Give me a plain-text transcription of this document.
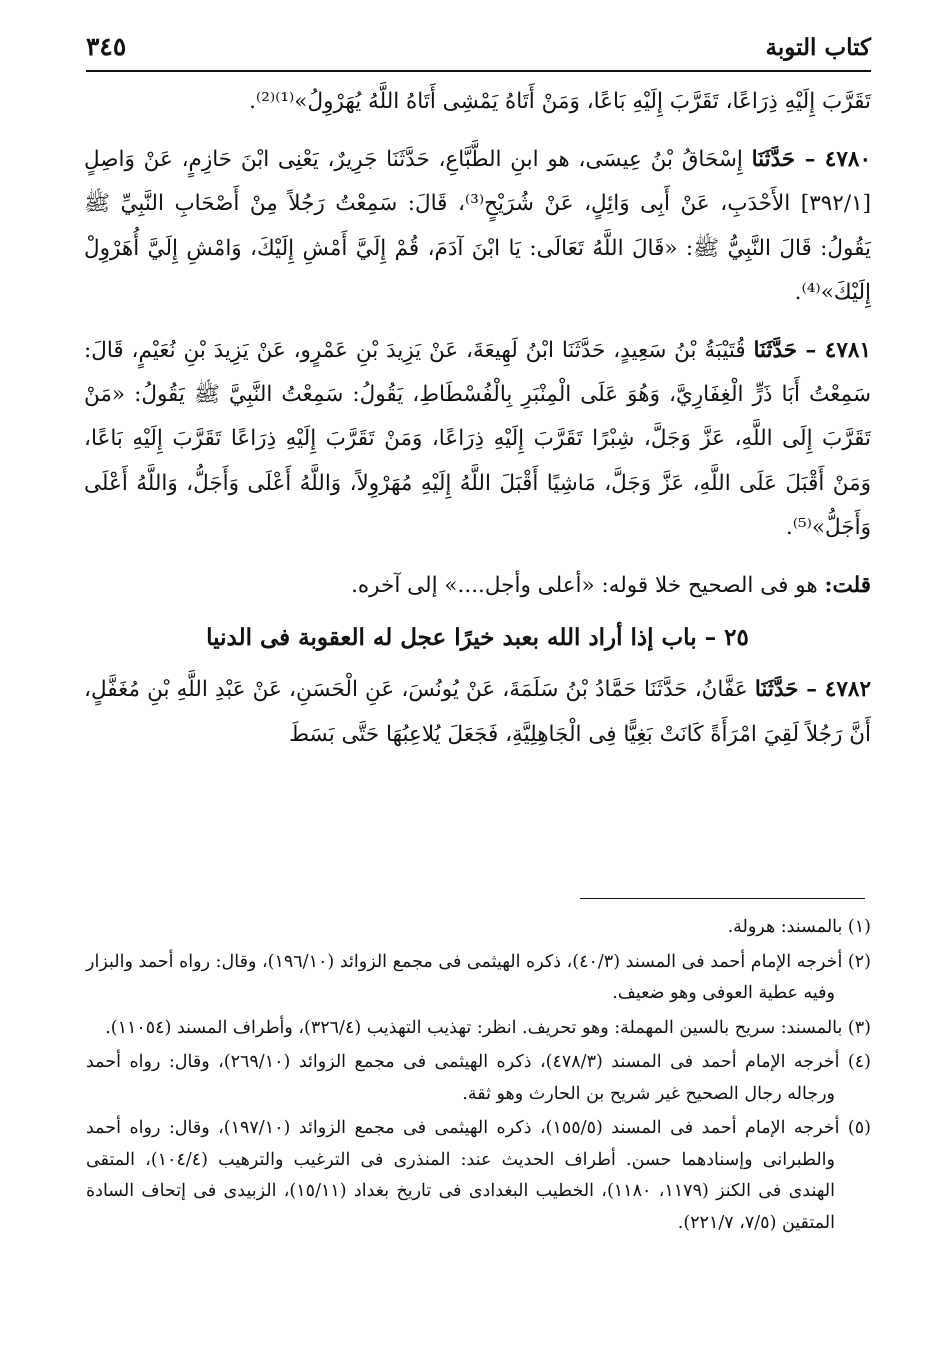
كتاب التوبة
٣٤٥

تَقَرَّبَ إِلَيْهِ ذِرَاعًا، تَقَرَّبَ إِلَيْهِ بَاعًا، وَمَنْ أَتَاهُ يَمْشِى أَتَاهُ اللَّهُ يُهَرْوِلُ»⁽¹⁾⁽²⁾.

٤٧٨٠ – حَدَّثَنَا إِسْحَاقُ بْنُ عِيسَى، هو ابنِ الطَّبَّاعِ، حَدَّثَنَا جَرِيرٌ، يَعْنِى ابْنَ حَازِمٍ، عَنْ وَاصِلٍ [٣٩٢/١] الأَحْدَبِ، عَنْ أَبِى وَائِلٍ، عَنْ شُرَيْحٍ⁽³⁾، قَالَ: سَمِعْتُ رَجُلاً مِنْ أَصْحَابِ النَّبِيِّ ﷺ يَقُولُ: قَالَ النَّبِيُّ ﷺ: «قَالَ اللَّهُ تَعَالَى: يَا ابْنَ آدَمَ، قُمْ إِلَيَّ أَمْشِ إِلَيْكَ، وَامْشِ إِلَيَّ أُهَرْوِلْ إِلَيْكَ»⁽⁴⁾.

٤٧٨١ – حَدَّثَنَا قُتَيْبَةُ بْنُ سَعِيدٍ، حَدَّثَنَا ابْنُ لَهِيعَةَ، عَنْ يَزِيدَ بْنِ عَمْرٍو، عَنْ يَزِيدَ بْنِ نُعَيْمٍ، قَالَ: سَمِعْتُ أَبَا ذَرٍّ الْغِفَارِيَّ، وَهُوَ عَلَى الْمِنْبَرِ بِالْفُسْطَاطِ، يَقُولُ: سَمِعْتُ النَّبِيَّ ﷺ يَقُولُ: «مَنْ تَقَرَّبَ إِلَى اللَّهِ، عَزَّ وَجَلَّ، شِبْرًا تَقَرَّبَ إِلَيْهِ ذِرَاعًا، وَمَنْ تَقَرَّبَ إِلَيْهِ ذِرَاعًا تَقَرَّبَ إِلَيْهِ بَاعًا، وَمَنْ أَقْبَلَ عَلَى اللَّهِ، عَزَّ وَجَلَّ، مَاشِيًا أَقْبَلَ اللَّهُ إِلَيْهِ مُهَرْوِلاً، وَاللَّهُ أَعْلَى وَأَجَلُّ، وَاللَّهُ أَعْلَى وَأَجَلُّ»⁽⁵⁾.

قلت: هو فى الصحيح خلا قوله: «أعلى وأجل....» إلى آخره.

٢٥ – باب إذا أراد الله بعبد خيرًا عجل له العقوبة فى الدنيا

٤٧٨٢ – حَدَّثَنَا عَفَّانُ، حَدَّثَنَا حَمَّادُ بْنُ سَلَمَةَ، عَنْ يُونُسَ، عَنِ الْحَسَنِ، عَنْ عَبْدِ اللَّهِ بْنِ مُغَفَّلٍ، أَنَّ رَجُلاً لَقِيَ امْرَأَةً كَانَتْ بَغِيًّا فِى الْجَاهِلِيَّةِ، فَجَعَلَ يُلاعِبُهَا حَتَّى بَسَطَ

(١) بالمسند: هرولة.

(٢) أخرجه الإمام أحمد فى المسند (٤٠/٣)، ذكره الهيثمى فى مجمع الزوائد (١٩٦/١٠)، وقال: رواه أحمد والبزار وفيه عطية العوفى وهو ضعيف.

(٣) بالمسند: سريح بالسين المهملة: وهو تحريف. انظر: تهذيب التهذيب (٣٢٦/٤)، وأطراف المسند (١١٠٥٤).

(٤) أخرجه الإمام أحمد فى المسند (٤٧٨/٣)، ذكره الهيثمى فى مجمع الزوائد (٢٦٩/١٠)، وقال: رواه أحمد ورجاله رجال الصحيح غير شريح بن الحارث وهو ثقة.

(٥) أخرجه الإمام أحمد فى المسند (١٥٥/٥)، ذكره الهيثمى فى مجمع الزوائد (١٩٧/١٠)، وقال: رواه أحمد والطبرانى وإسنادهما حسن. أطراف الحديث عند: المنذرى فى الترغيب والترهيب (١٠٤/٤)، المتقى الهندى فى الكنز (١١٧٩، ١١٨٠)، الخطيب البغدادى فى تاريخ بغداد (١٥/١١)، الزبيدى فى إتحاف السادة المتقين (٧/٥، ٢٢١/٧).
